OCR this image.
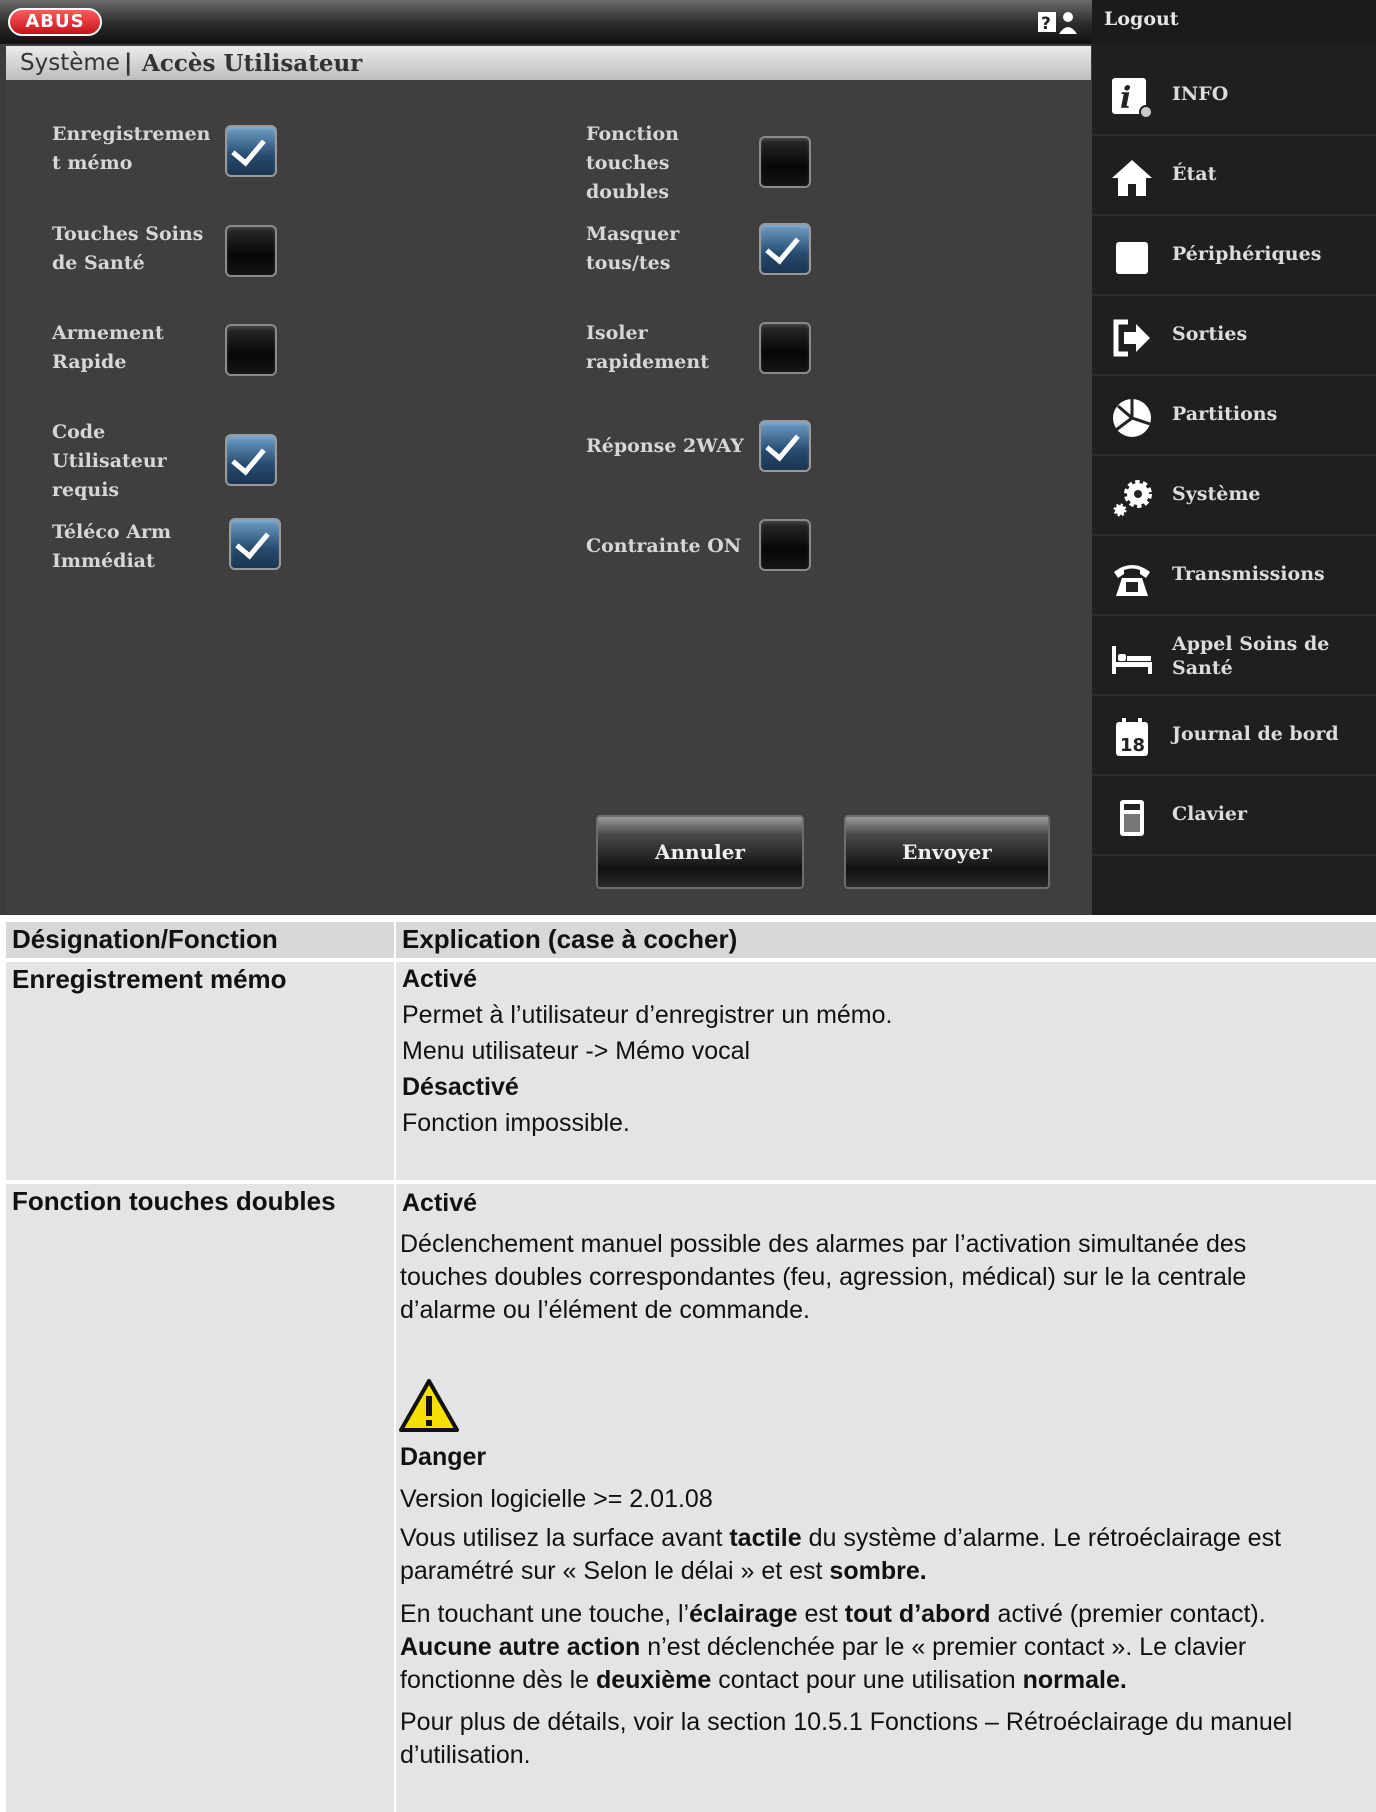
ABUS	?	Logout
Système | Accès Utilisateur
Enregistremen
t mémo
Touches Soins
de Santé
Armement
Rapide
Code
Utilisateur
requis
Téléco Arm
Immédiat
Fonction
touches
doubles
Masquer
tous/tes
Isoler
rapidement
Réponse 2WAY
Contrainte ON
Annuler	Envoyer
i INFO
État
Périphériques
Sorties
Partitions
Système
Transmissions
Appel Soins de
Santé
18
Journal de bord
Clavier
Désignation/Fonction	Explication (case à cocher)
Enregistrement mémo	Activé
Permet à l’utilisateur d’enregistrer un mémo.
Menu utilisateur -> Mémo vocal
Désactivé
Fonction impossible.
Fonction touches doubles	Activé
Déclenchement manuel possible des alarmes par l’activation simultanée des
touches doubles correspondantes (feu, agression, médical) sur le la centrale
d’alarme ou l’élément de commande.
Danger
Version logicielle >= 2.01.08
Vous utilisez la surface avant tactile du système d’alarme. Le rétroéclairage est
paramétré sur « Selon le délai » et est sombre.
En touchant une touche, l’éclairage est tout d’abord activé (premier contact).
Aucune autre action n’est déclenchée par le « premier contact ». Le clavier
fonctionne dès le deuxième contact pour une utilisation normale.
Pour plus de détails, voir la section 10.5.1 Fonctions – Rétroéclairage du manuel
d’utilisation.
